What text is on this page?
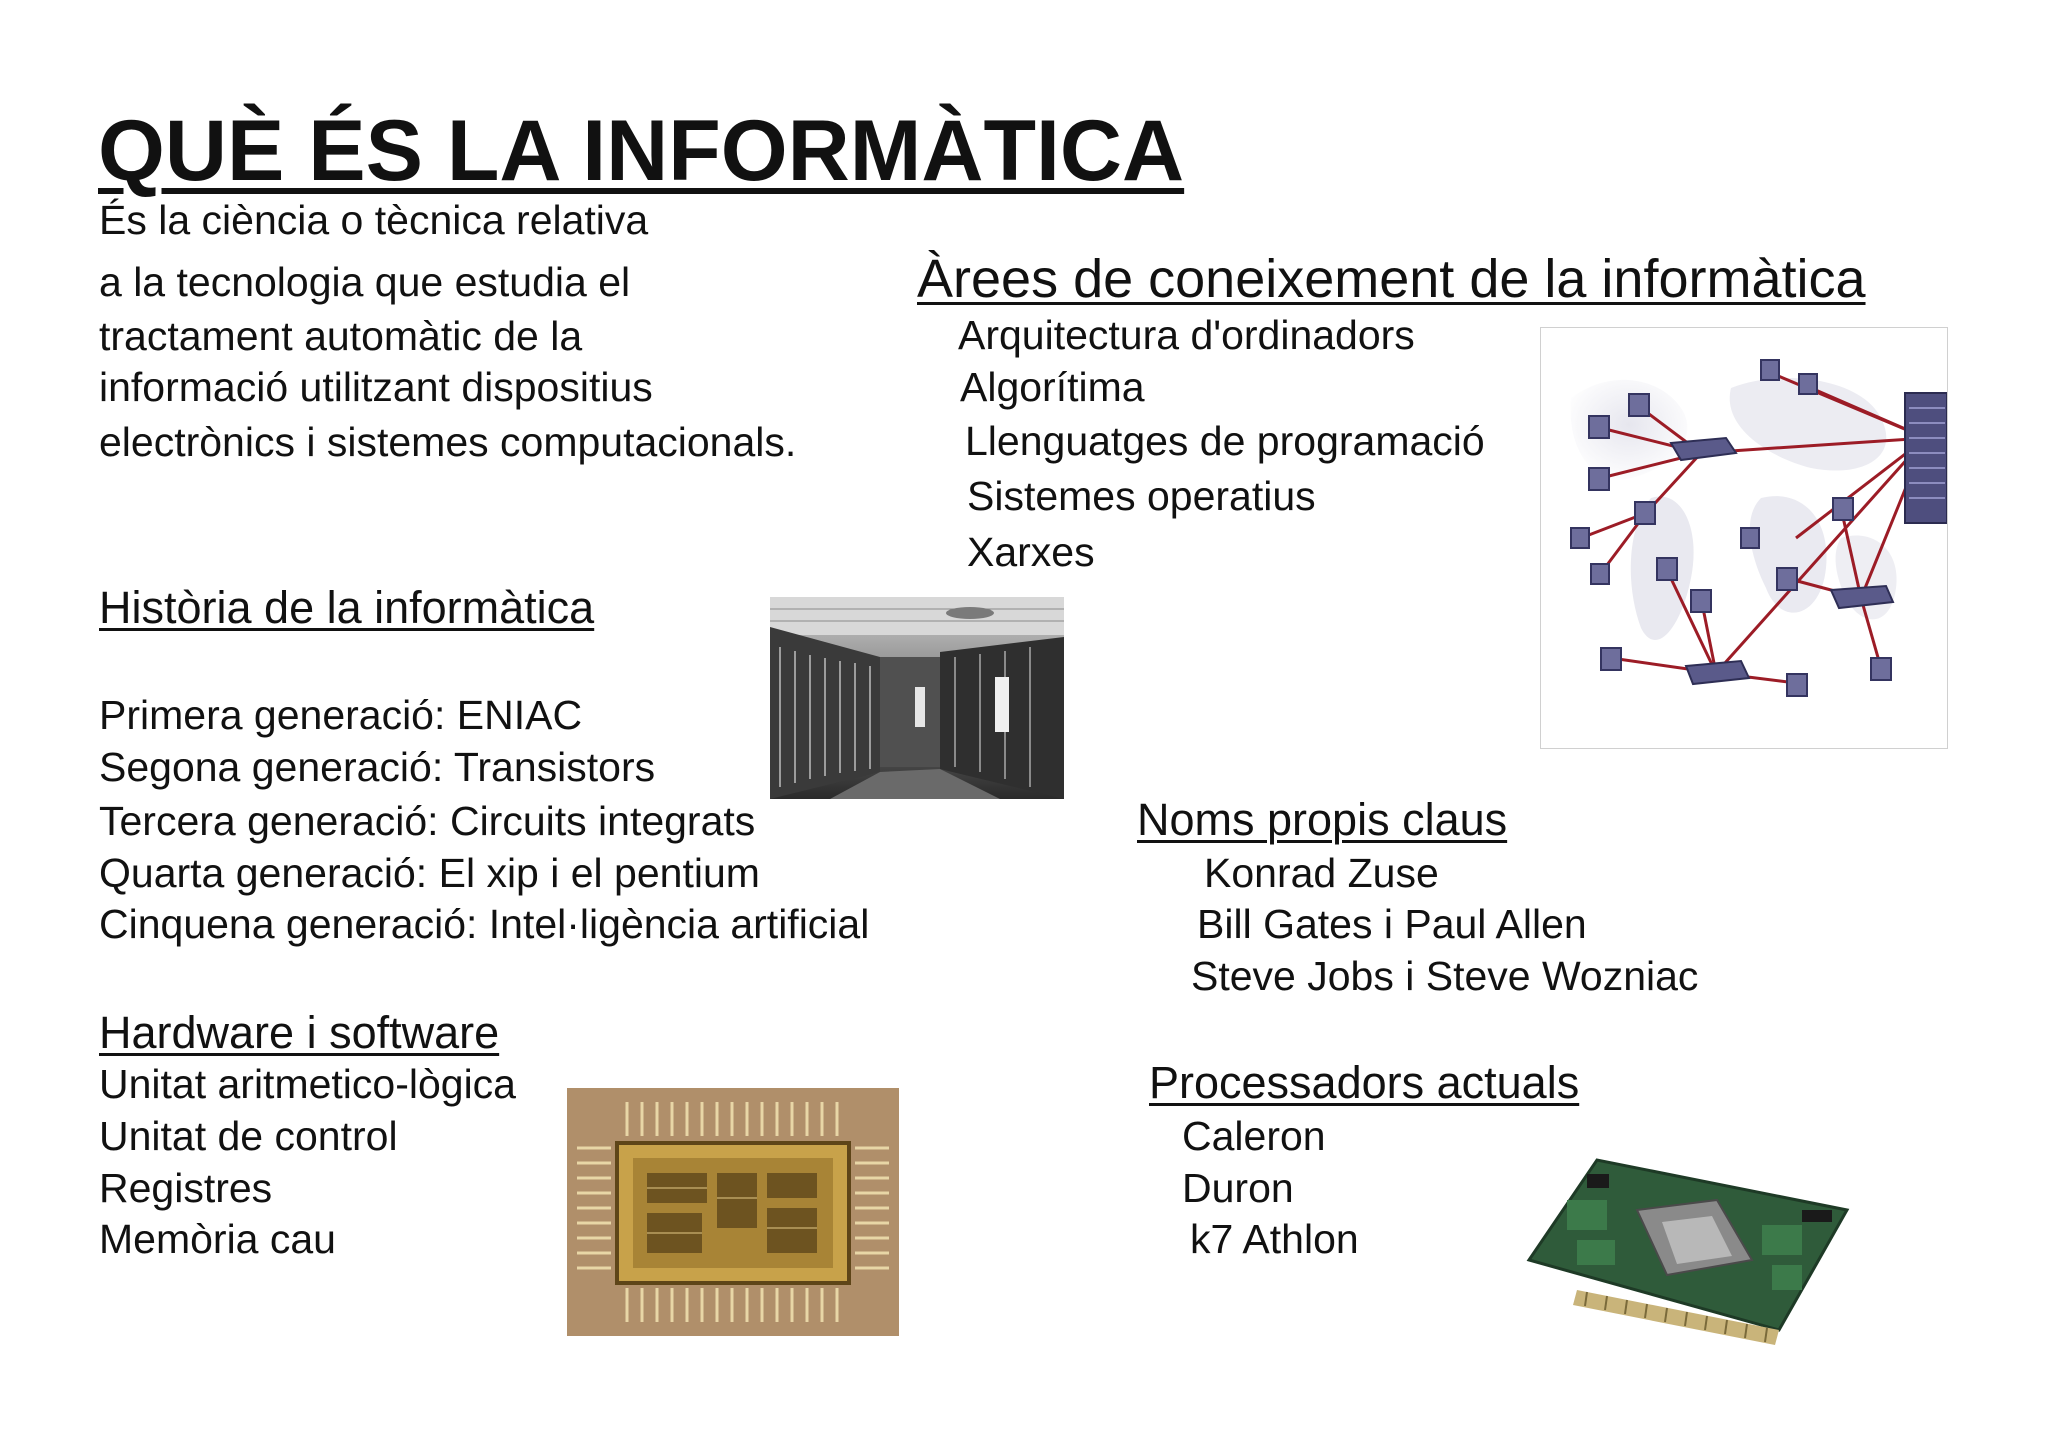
QUÈ ÉS LA INFORMÀTICA

És la ciència o tècnica relativa

a la tecnologia que estudia el

tractament automàtic de la

informació utilitzant dispositius

electrònics i sistemes computacionals.

Àrees de coneixement de la informàtica

Arquitectura d'ordinadors

Algorítima

Llenguatges de programació

Sistemes operatius

Xarxes

Història de la informàtica

Primera generació: ENIAC

Segona generació: Transistors

Tercera generació: Circuits integrats

Quarta generació: El xip i el pentium

Cinquena generació: Intel·ligència artificial

Noms propis claus

Konrad Zuse

Bill Gates i Paul Allen

Steve Jobs i Steve Wozniac

Hardware i software

Unitat aritmetico-lògica

Unitat de control

Registres

Memòria cau

Processadors actuals

Caleron

Duron

k7 Athlon
